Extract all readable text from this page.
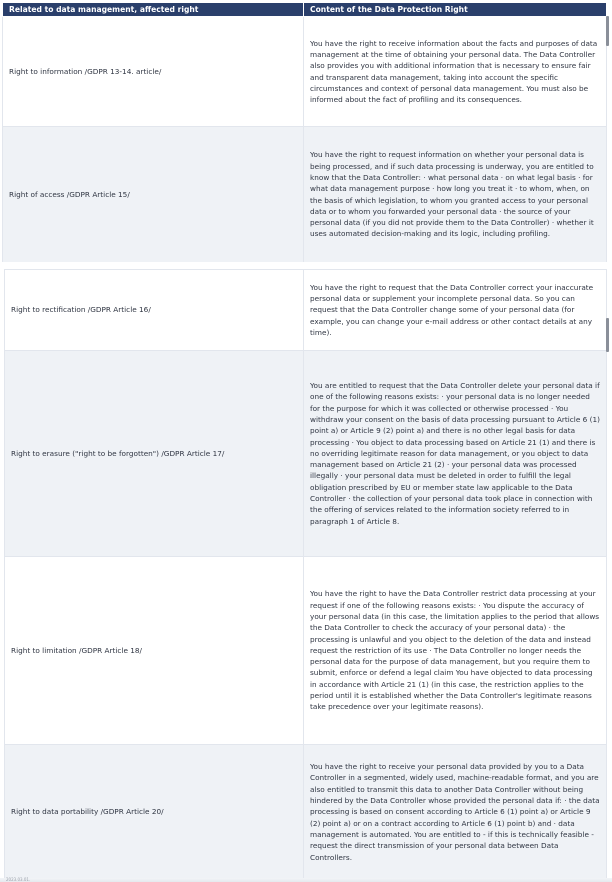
Related to data management, affected right	Content of the Data Protection Right
Right to information /GDPR 13-14. article/	You have the right to receive information about the facts and purposes of data management at the time of obtaining your personal data. The Data Controller also provides you with additional information that is necessary to ensure fair and transparent data management, taking into account the specific circumstances and context of personal data management. You must also be informed about the fact of profiling and its consequences.
Right of access /GDPR Article 15/	You have the right to request information on whether your personal data is being processed, and if such data processing is underway, you are entitled to know that the Data Controller: · what personal data · on what legal basis · for what data management purpose · how long you treat it · to whom, when, on the basis of which legislation, to whom you granted access to your personal data or to whom you forwarded your personal data · the source of your personal data (if you did not provide them to the Data Controller) · whether it uses automated decision-making and its logic, including profiling.
Right to rectification /GDPR Article 16/	You have the right to request that the Data Controller correct your inaccurate personal data or supplement your incomplete personal data. So you can request that the Data Controller change some of your personal data (for example, you can change your e-mail address or other contact details at any time).
Right to erasure ("right to be forgotten") /GDPR Article 17/	You are entitled to request that the Data Controller delete your personal data if one of the following reasons exists: · your personal data is no longer needed for the purpose for which it was collected or otherwise processed · You withdraw your consent on the basis of data processing pursuant to Article 6 (1) point a) or Article 9 (2) point a) and there is no other legal basis for data processing · You object to data processing based on Article 21 (1) and there is no overriding legitimate reason for data management, or you object to data management based on Article 21 (2) · your personal data was processed illegally · your personal data must be deleted in order to fulfill the legal obligation prescribed by EU or member state law applicable to the Data Controller · the collection of your personal data took place in connection with the offering of services related to the information society referred to in paragraph 1 of Article 8.
Right to limitation /GDPR Article 18/	You have the right to have the Data Controller restrict data processing at your request if one of the following reasons exists: · You dispute the accuracy of your personal data (in this case, the limitation applies to the period that allows the Data Controller to check the accuracy of your personal data) · the processing is unlawful and you object to the deletion of the data and instead request the restriction of its use · The Data Controller no longer needs the personal data for the purpose of data management, but you require them to submit, enforce or defend a legal claim You have objected to data processing in accordance with Article 21 (1) (in this case, the restriction applies to the period until it is established whether the Data Controller's legitimate reasons take precedence over your legitimate reasons).
Right to data portability /GDPR Article 20/	You have the right to receive your personal data provided by you to a Data Controller in a segmented, widely used, machine-readable format, and you are also entitled to transmit this data to another Data Controller without being hindered by the Data Controller whose provided the personal data if: · the data processing is based on consent according to Article 6 (1) point a) or Article 9 (2) point a) or on a contract according to Article 6 (1) point b) and · data management is automated. You are entitled to - if this is technically feasible - request the direct transmission of your personal data between Data Controllers.
2023.03.01.
